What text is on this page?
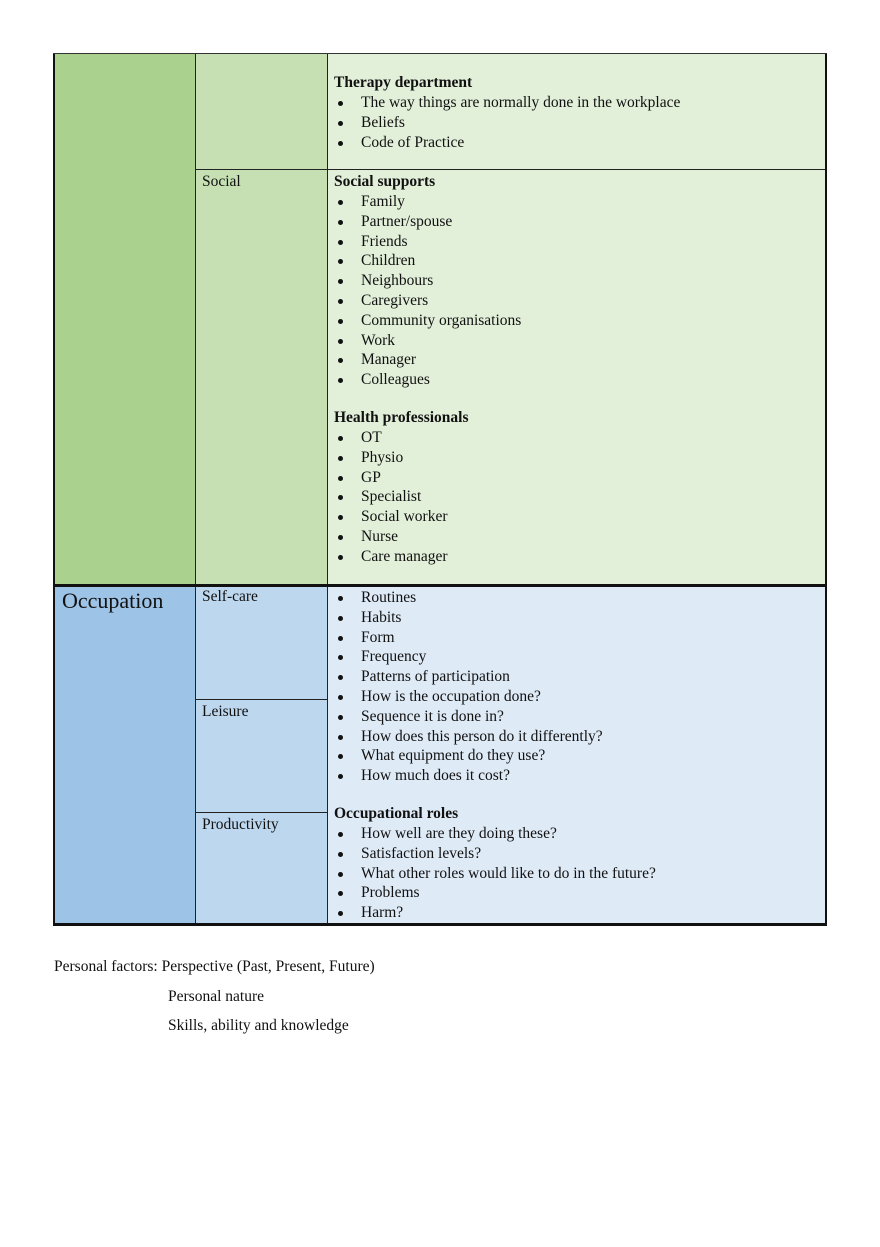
Therapy department
The way things are normally done in the workplace
Beliefs
Code of Practice
Social	Social supports
Family
Partner/spouse
Friends
Children
Neighbours
Caregivers
Community organisations
Work
Manager
Colleagues
Health professionals
OT
Physio
GP
Specialist
Social worker
Nurse
Care manager
Occupation	Self-care
Leisure
Productivity
Routines
Habits
Form
Frequency
Patterns of participation
How is the occupation done?
Sequence it is done in?
How does this person do it differently?
What equipment do they use?
How much does it cost?
Occupational roles
How well are they doing these?
Satisfaction levels?
What other roles would like to do in the future?
Problems
Harm?
Personal factors: Perspective (Past, Present, Future)
Personal nature
Skills, ability and knowledge
